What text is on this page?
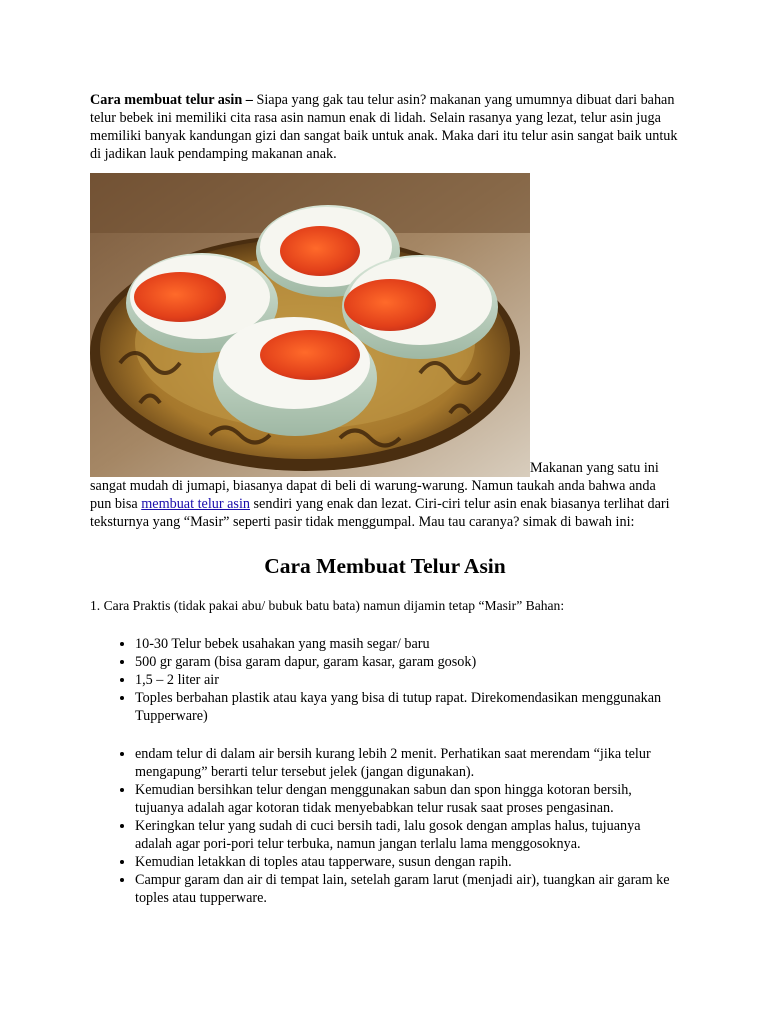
Cara membuat telur asin – Siapa yang gak tau telur asin? makanan yang umumnya dibuat dari bahan telur bebek ini memiliki cita rasa asin namun enak di lidah. Selain rasanya yang lezat, telur asin juga memiliki banyak kandungan gizi dan sangat baik untuk anak. Maka dari itu telur asin sangat baik untuk di jadikan lauk pendamping makanan anak.

Makanan yang satu ini sangat mudah di jumapi, biasanya dapat di beli di warung-warung. Namun taukah anda bahwa anda pun bisa membuat telur asin sendiri yang enak dan lezat. Ciri-ciri telur asin enak biasanya terlihat dari teksturnya yang “Masir” seperti pasir tidak menggumpal. Mau tau caranya? simak di bawah ini:
Cara Membuat Telur Asin

1. Cara Praktis (tidak pakai abu/ bubuk batu bata) namun dijamin tetap “Masir” Bahan:

• 10-30 Telur bebek usahakan yang masih segar/ baru
• 500 gr garam (bisa garam dapur, garam kasar, garam gosok)
• 1,5 – 2 liter air
• Toples berbahan plastik atau kaya yang bisa di tutup rapat. Direkomendasikan menggunakan Tupperware)
• endam telur di dalam air bersih kurang lebih 2 menit. Perhatikan saat merendam “jika telur mengapung” berarti telur tersebut jelek (jangan digunakan).
• Kemudian bersihkan telur dengan menggunakan sabun dan spon hingga kotoran bersih, tujuanya adalah agar kotoran tidak menyebabkan telur rusak saat proses pengasinan.
• Keringkan telur yang sudah di cuci bersih tadi, lalu gosok dengan amplas halus, tujuanya adalah agar pori-pori telur terbuka, namun jangan terlalu lama menggosoknya.
• Kemudian letakkan di toples atau tapperware, susun dengan rapih.
• Campur garam dan air di tempat lain, setelah garam larut (menjadi air), tuangkan air garam ke toples atau tupperware.
